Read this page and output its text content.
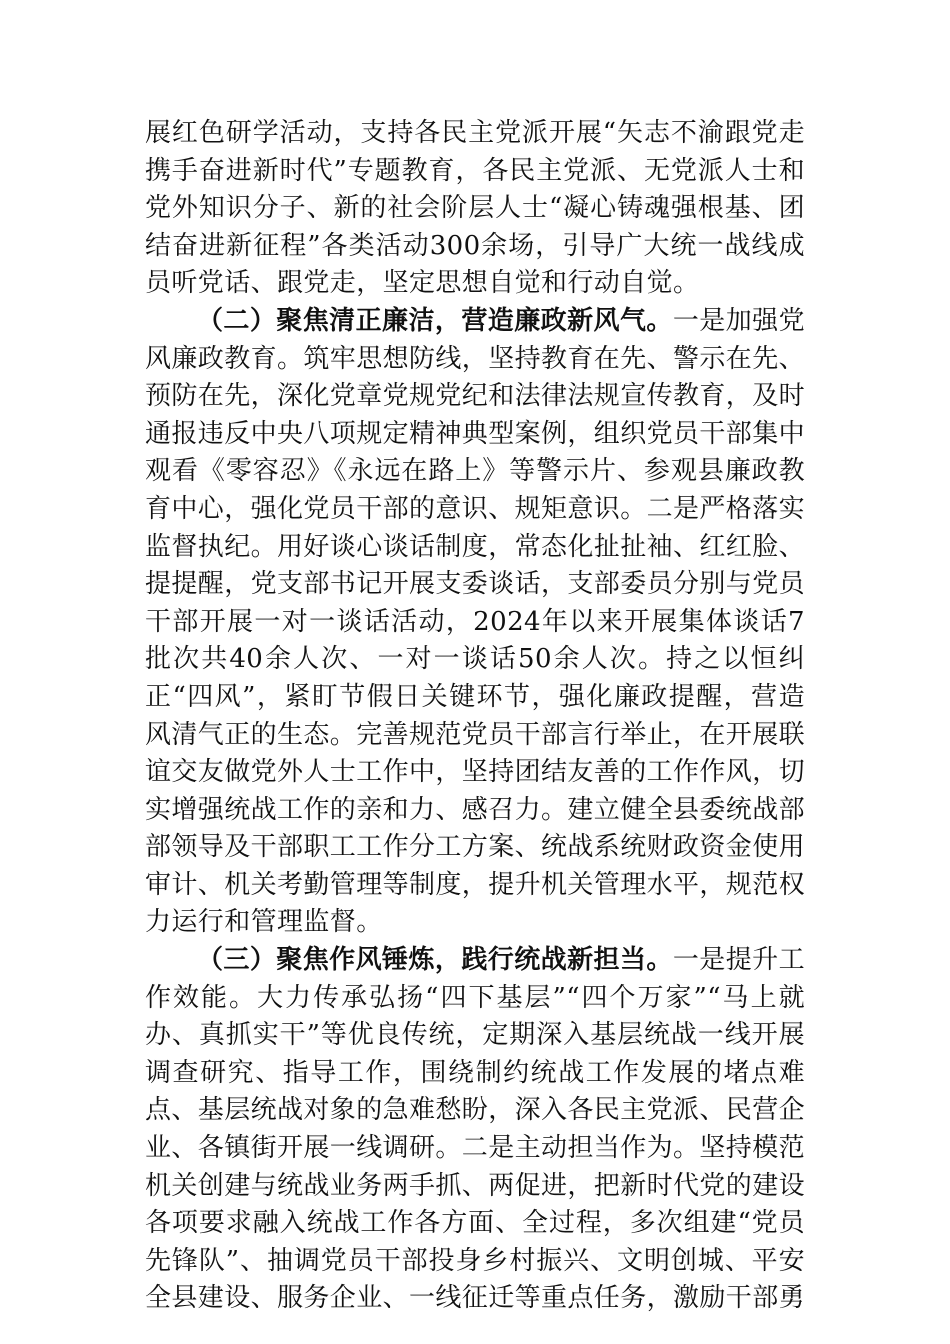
展红色研学活动，支持各民主党派开展“矢志不渝跟党走 携手奋进新时代”专题教育，各民主党派、无党派人士和党外知识分子、新的社会阶层人士“凝心铸魂强根基、团结奋进新征程”各类活动300余场，引导广大统一战线成员听党话、跟党走，坚定思想自觉和行动自觉。

（二）聚焦清正廉洁，营造廉政新风气。一是加强党风廉政教育。筑牢思想防线，坚持教育在先、警示在先、预防在先，深化党章党规党纪和法律法规宣传教育，及时通报违反中央八项规定精神典型案例，组织党员干部集中观看《零容忍》《永远在路上》等警示片、参观县廉政教育中心，强化党员干部的意识、规矩意识。二是严格落实监督执纪。用好谈心谈话制度，常态化扯扯袖、红红脸、提提醒，党支部书记开展支委谈话，支部委员分别与党员干部开展一对一谈话活动，2024年以来开展集体谈话7批次共40余人次、一对一谈话50余人次。持之以恒纠正“四风”，紧盯节假日关键环节，强化廉政提醒，营造风清气正的生态。完善规范党员干部言行举止，在开展联谊交友做党外人士工作中，坚持团结友善的工作作风，切实增强统战工作的亲和力、感召力。建立健全县委统战部部领导及干部职工工作分工方案、统战系统财政资金使用审计、机关考勤管理等制度，提升机关管理水平，规范权力运行和管理监督。

（三）聚焦作风锤炼，践行统战新担当。一是提升工作效能。大力传承弘扬“四下基层”“四个万家”“马上就办、真抓实干”等优良传统，定期深入基层统战一线开展调查研究、指导工作，围绕制约统战工作发展的堵点难点、基层统战对象的急难愁盼，深入各民主党派、民营企业、各镇街开展一线调研。二是主动担当作为。坚持模范机关创建与统战业务两手抓、两促进，把新时代党的建设各项要求融入统战工作各方面、全过程，多次组建“党员先锋队”、抽调党员干部投身乡村振兴、文明创城、平安全县建设、服务企业、一线征迁等重点任务，激励干部勇
